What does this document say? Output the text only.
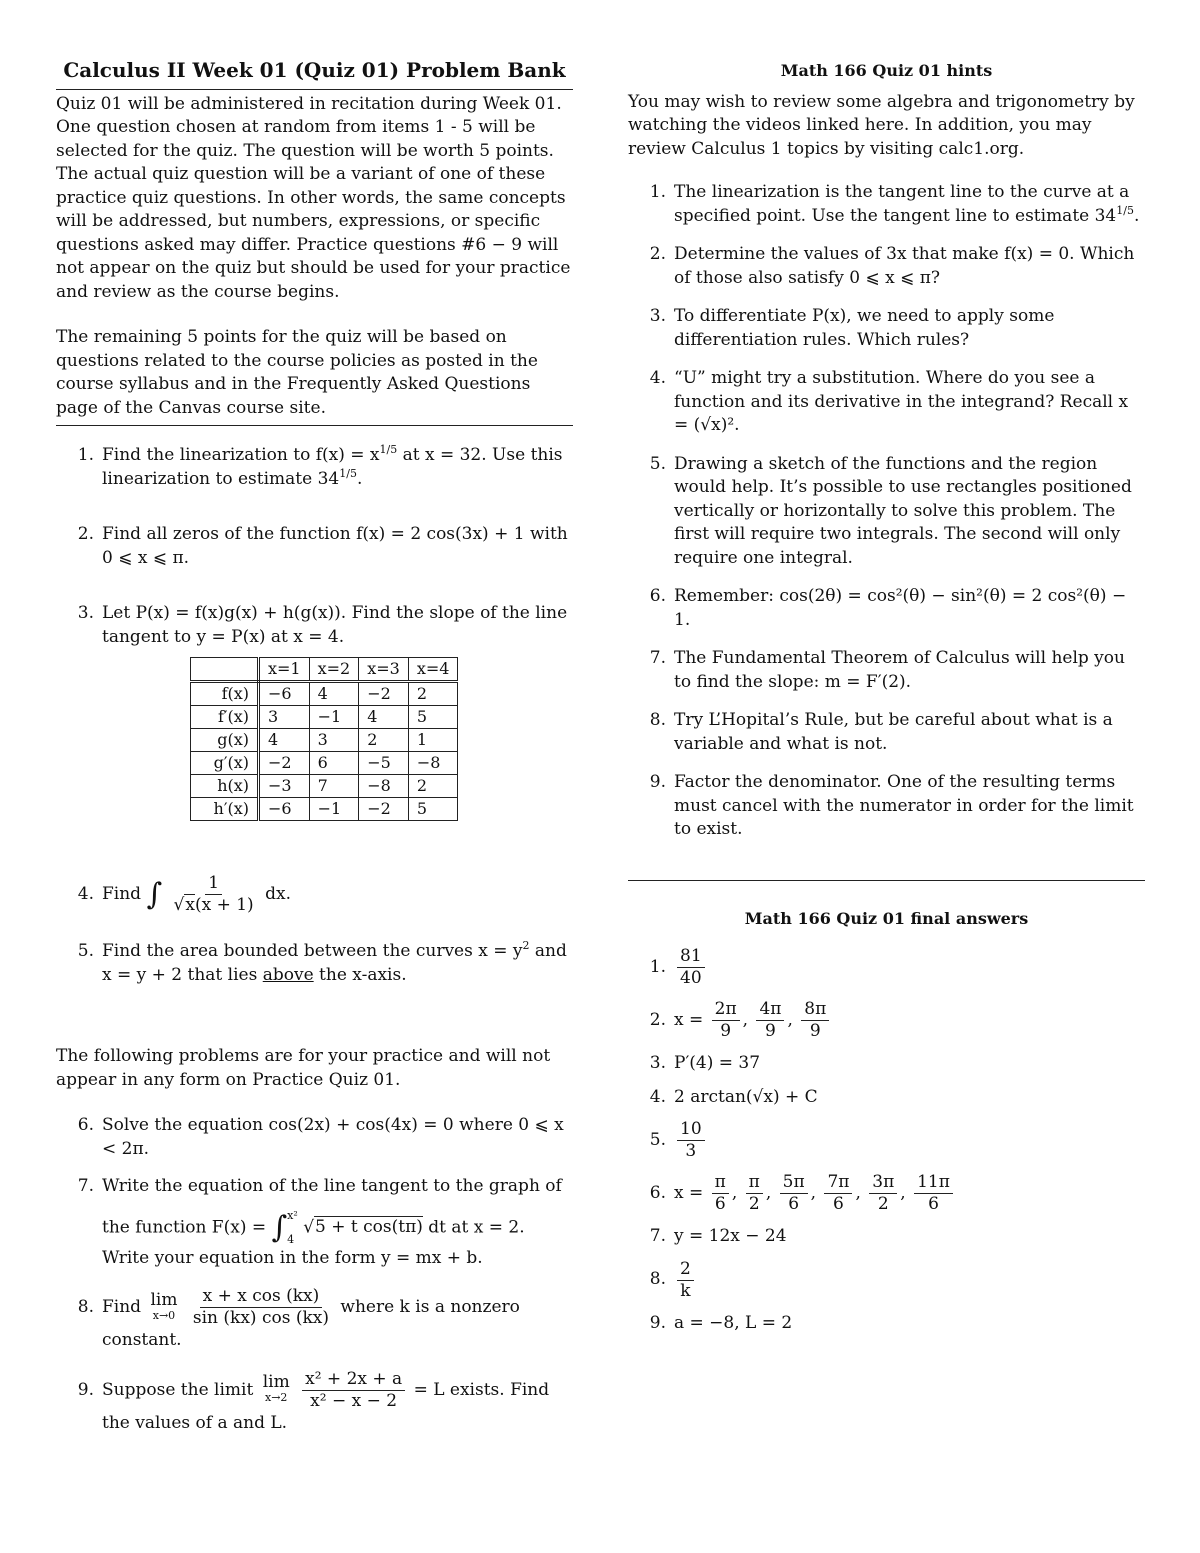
Calculus II Week 01 (Quiz 01) Problem Bank

Quiz 01 will be administered in recitation during Week 01. One question chosen at random from items 1 - 5 will be selected for the quiz. The question will be worth 5 points. The actual quiz question will be a variant of one of these practice quiz questions. In other words, the same concepts will be addressed, but numbers, expressions, or specific questions asked may differ. Practice questions #6 − 9 will not appear on the quiz but should be used for your practice and review as the course begins.

The remaining 5 points for the quiz will be based on questions related to the course policies as posted in the course syllabus and in the Frequently Asked Questions page of the Canvas course site.

1. Find the linearization to $f(x) = x^{1/5}$ at x = 32. Use this linearization to estimate $34^{1/5}$.
2. Find all zeros of the function f(x) = 2 cos(3x) + 1 with 0 ⩽ x ⩽ π.
3. Let P(x) = f(x)g(x) + h(g(x)). Find the slope of the line tangent to y = P(x) at x = 4.
	x=1	x=2	x=3	x=4
f(x)	−6	4	−2	2
f′(x)	3	−1	4	5
g(x)	4	3	2	1
g′(x)	−2	6	−5	−8
h(x)	−3	7	−8	2
h′(x)	−6	−1	−2	5
4. Find ∫ $\frac{1}{√x(x + 1)}$ dx.
5. Find the area bounded between the curves $x = y^2$ and x = y + 2 that lies above the x-axis.

The following problems are for your practice and will not appear in any form on Practice Quiz 01.

6. Solve the equation cos(2x) + cos(4x) = 0 where 0 ⩽ x < 2π.
7. Write the equation of the line tangent to the graph of
the function F(x) = ∫ x²
4
√5 + t cos(tπ) dt at x = 2.
Write your equation in the form y = mx + b.
8. Find lim
x→0
$\frac{\text{x + x cos (kx)}}{\sin (kx) \cos (kx)}$ where k is a nonzero constant.
9. Suppose the limit lim
x→2
$\frac{\text{x² + 2x + a}}{\text{x² − x − 2}} = L$ exists. Find the values of a and L.
Math 166 Quiz 01 hints

You may wish to review some algebra and trigonometry by watching the videos linked here. In addition, you may review Calculus 1 topics by visiting calc1.org.

1. The linearization is the tangent line to the curve at a specified point. Use the tangent line to estimate $34^{1/5}$.
2. Determine the values of 3x that make f(x) = 0. Which of those also satisfy 0 ⩽ x ⩽ π?
3. To differentiate P(x), we need to apply some differentiation rules. Which rules?
4. “U” might try a substitution. Where do you see a function and its derivative in the integrand? Recall x = (√x)².
5. Drawing a sketch of the functions and the region would help. It’s possible to use rectangles positioned vertically or horizontally to solve this problem. The first will require two integrals. The second will only require one integral.
6. Remember: cos(2θ) = cos²(θ) − sin²(θ) = 2 cos²(θ) − 1.
7. The Fundamental Theorem of Calculus will help you to find the slope: m = F′(2).
8. Try L’Hopital’s Rule, but be careful about what is a variable and what is not.
9. Factor the denominator. One of the resulting terms must cancel with the numerator in order for the limit to exist.
Math 166 Quiz 01 final answers
1. $\frac{81}{40}$
2. $x = \frac{2\pi}{9}$ , $\frac{4\pi}{9}$ , $\frac{8\pi}{9}$
3. P′(4) = 37
4. 2 arctan(√x) + C
5. $\frac{10}{3}$
6. $x = \frac{\pi}{6}$ , $\frac{\pi}{2}$ , $\frac{5\pi}{6}$ , $\frac{7\pi}{6}$ , $\frac{3\pi}{2}$ , $\frac{11\pi}{6}$
7. y = 12x − 24
8. $\frac{2}{k}$
9. a = −8, L = 2
